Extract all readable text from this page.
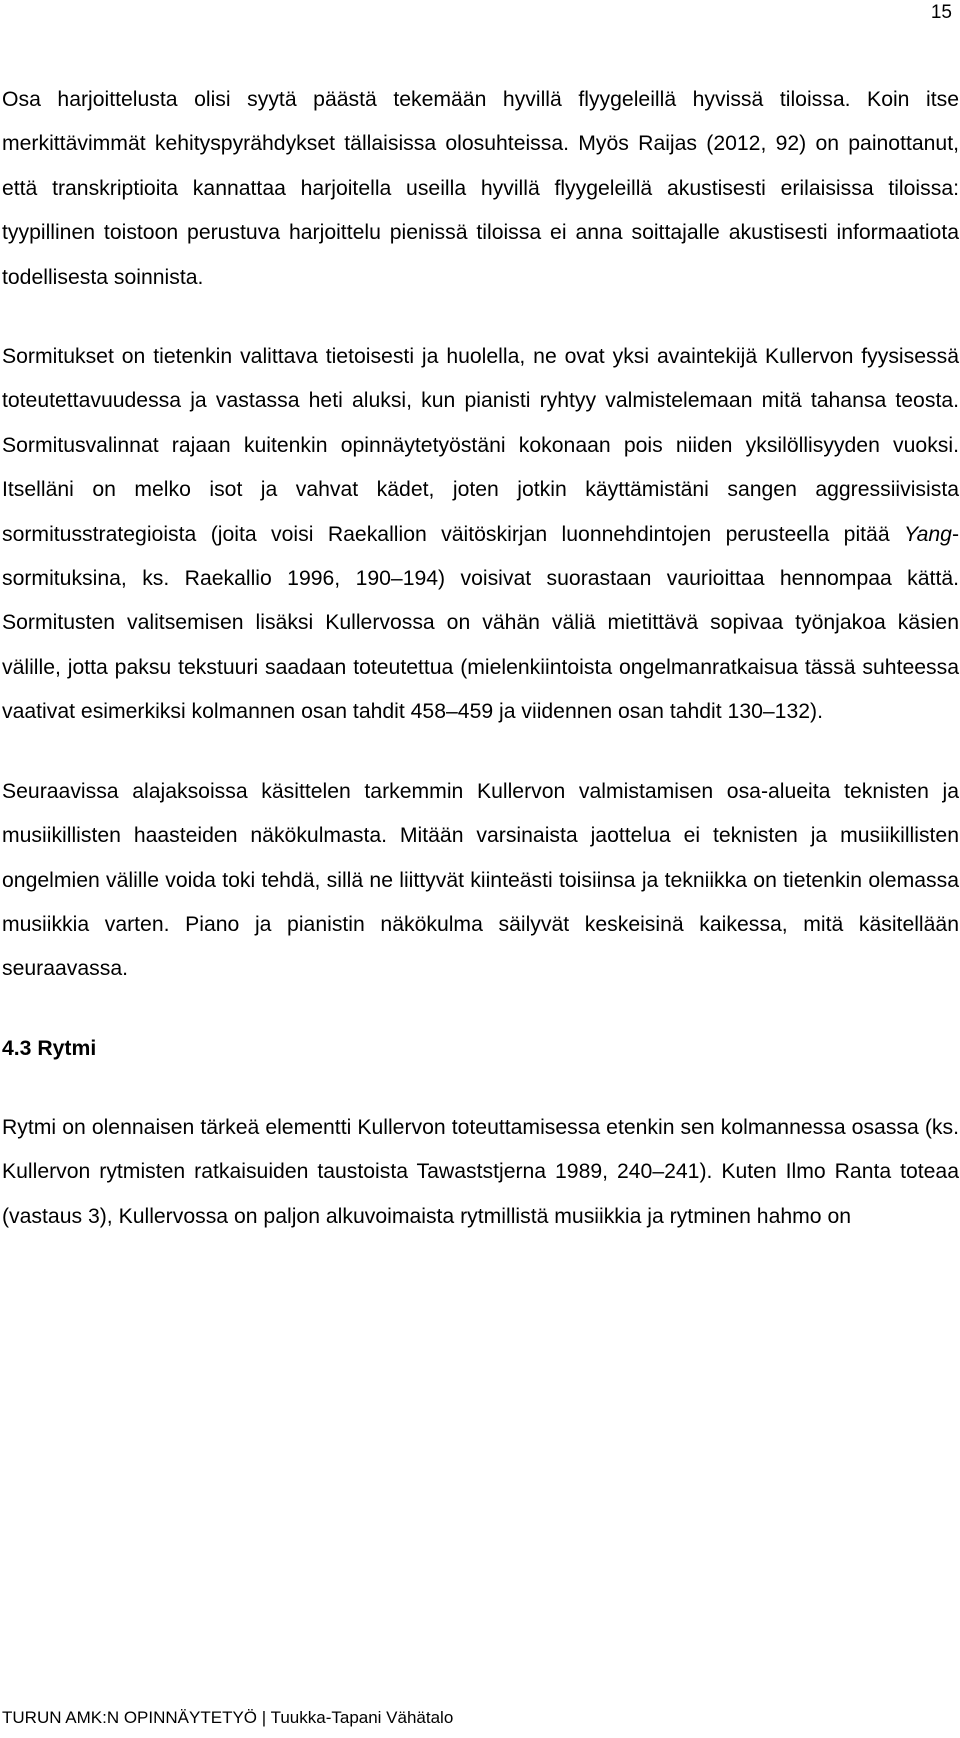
15

Osa harjoittelusta olisi syytä päästä tekemään hyvillä flyygeleillä hyvissä tiloissa. Koin itse merkittävimmät kehityspyrähdykset tällaisissa olosuhteissa. Myös Raijas (2012, 92) on painottanut, että transkriptioita kannattaa harjoitella useilla hyvillä flyygeleillä akustisesti erilaisissa tiloissa: tyypillinen toistoon perustuva harjoittelu pienissä tiloissa ei anna soittajalle akustisesti informaatiota todellisesta soinnista.

Sormitukset on tietenkin valittava tietoisesti ja huolella, ne ovat yksi avaintekijä Kullervon fyysisessä toteutettavuudessa ja vastassa heti aluksi, kun pianisti ryhtyy valmistelemaan mitä tahansa teosta. Sormitusvalinnat rajaan kuitenkin opinnäytetyöstäni kokonaan pois niiden yksilöllisyyden vuoksi. Itselläni on melko isot ja vahvat kädet, joten jotkin käyttämistäni sangen aggressiivisista sormitusstrategioista (joita voisi Raekallion väitöskirjan luonnehdintojen perusteella pitää Yang-sormituksina, ks. Raekallio 1996, 190–194) voisivat suorastaan vaurioittaa hennompaa kättä. Sormitusten valitsemisen lisäksi Kullervossa on vähän väliä mietittävä sopivaa työnjakoa käsien välille, jotta paksu tekstuuri saadaan toteutettua (mielenkiintoista ongelmanratkaisua tässä suhteessa vaativat esimerkiksi kolmannen osan tahdit 458–459 ja viidennen osan tahdit 130–132).

Seuraavissa alajaksoissa käsittelen tarkemmin Kullervon valmistamisen osa-alueita teknisten ja musiikillisten haasteiden näkökulmasta. Mitään varsinaista jaottelua ei teknisten ja musiikillisten ongelmien välille voida toki tehdä, sillä ne liittyvät kiinteästi toisiinsa ja tekniikka on tietenkin olemassa musiikkia varten. Piano ja pianistin näkökulma säilyvät keskeisinä kaikessa, mitä käsitellään seuraavassa.

4.3 Rytmi

Rytmi on olennaisen tärkeä elementti Kullervon toteuttamisessa etenkin sen kolmannessa osassa (ks. Kullervon rytmisten ratkaisuiden taustoista Tawaststjerna 1989, 240–241). Kuten Ilmo Ranta toteaa (vastaus 3), Kullervossa on paljon alkuvoimaista rytmillistä musiikkia ja rytminen hahmo on

TURUN AMK:N OPINNÄYTETYÖ | Tuukka-Tapani Vähätalo
